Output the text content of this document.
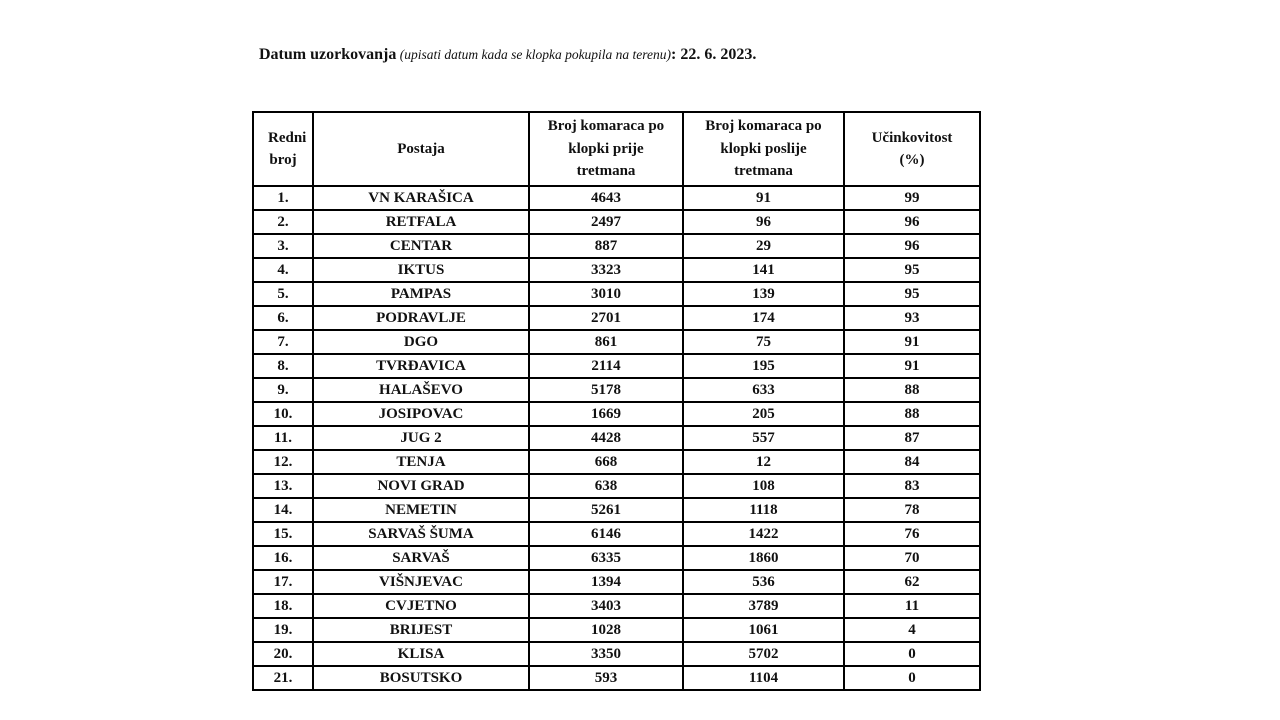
Datum uzorkovanja (upisati datum kada se klopka pokupila na terenu): 22. 6. 2023.
Redni broj	Postaja	Broj komaraca po klopki prije tretmana	Broj komaraca po klopki poslije tretmana	Učinkovitost (%)
1.	VN KARAŠICA	4643	91	99
2.	RETFALA	2497	96	96
3.	CENTAR	887	29	96
4.	IKTUS	3323	141	95
5.	PAMPAS	3010	139	95
6.	PODRAVLJE	2701	174	93
7.	DGO	861	75	91
8.	TVRĐAVICA	2114	195	91
9.	HALAŠEVO	5178	633	88
10.	JOSIPOVAC	1669	205	88
11.	JUG 2	4428	557	87
12.	TENJA	668	12	84
13.	NOVI GRAD	638	108	83
14.	NEMETIN	5261	1118	78
15.	SARVAŠ ŠUMA	6146	1422	76
16.	SARVAŠ	6335	1860	70
17.	VIŠNJEVAC	1394	536	62
18.	CVJETNO	3403	3789	11
19.	BRIJEST	1028	1061	4
20.	KLISA	3350	5702	0
21.	BOSUTSKO	593	1104	0
